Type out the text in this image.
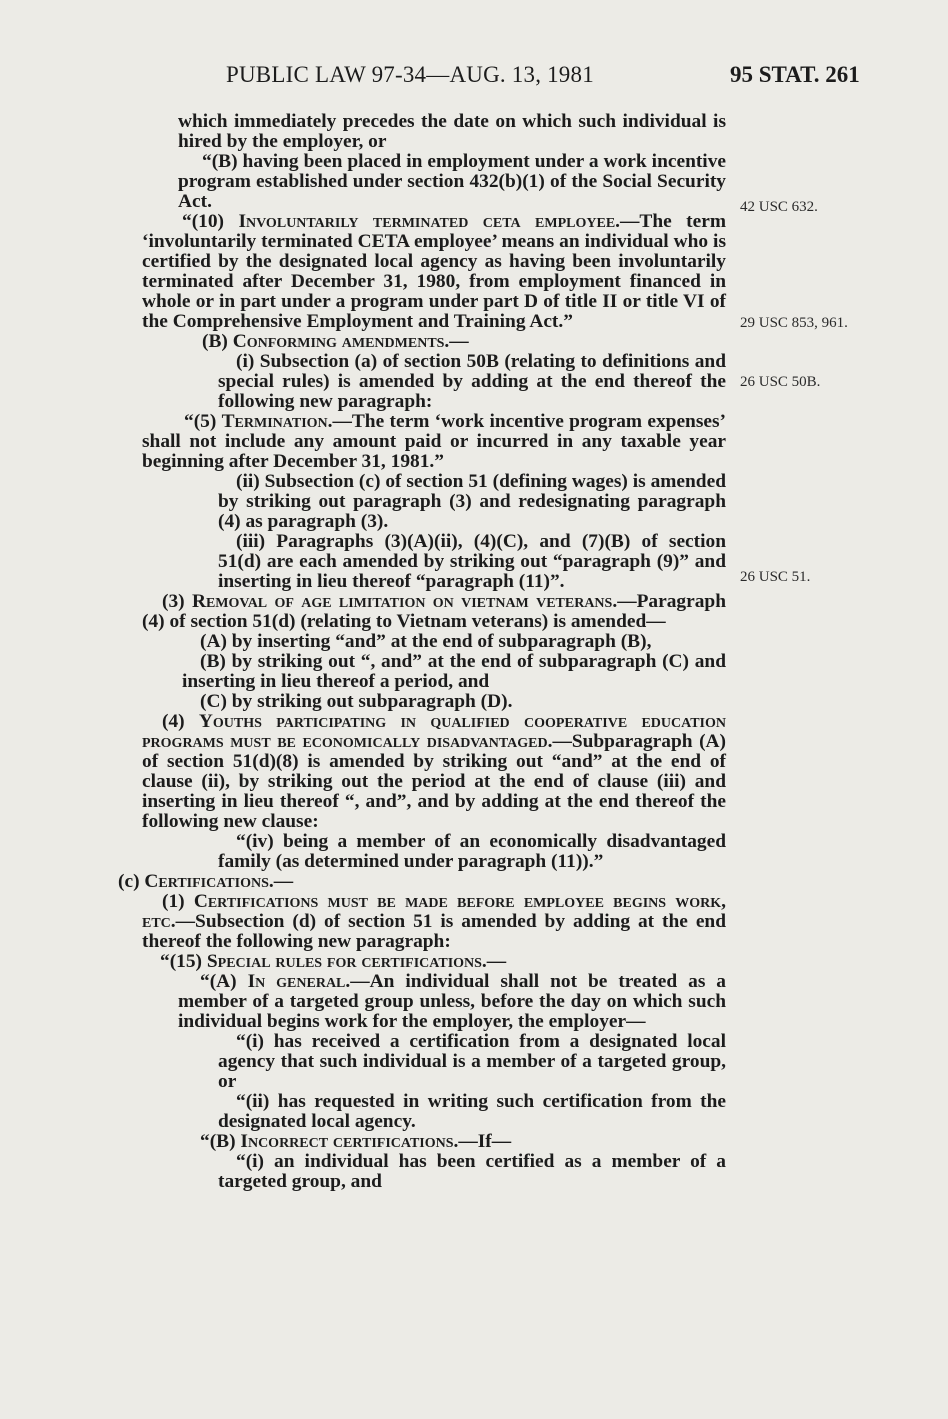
PUBLIC LAW 97-34—AUG. 13, 1981	95 STAT. 261
42 USC 632.
29 USC 853, 961.
26 USC 50B.
26 USC 51.

which immediately precedes the date on which such individual is hired by the employer, or

“(B) having been placed in employment under a work incentive program established under section 432(b)(1) of the Social Security Act.

“(10) Involuntarily terminated ceta employee.—The term ‘involuntarily terminated CETA employee’ means an individual who is certified by the designated local agency as having been involuntarily terminated after December 31, 1980, from employment financed in whole or in part under a program under part D of title II or title VI of the Comprehensive Employment and Training Act.”

(B) Conforming amendments.—

(i) Subsection (a) of section 50B (relating to definitions and special rules) is amended by adding at the end thereof the following new paragraph:

“(5) Termination.—The term ‘work incentive program expenses’ shall not include any amount paid or incurred in any taxable year beginning after December 31, 1981.”

(ii) Subsection (c) of section 51 (defining wages) is amended by striking out paragraph (3) and redesignating paragraph (4) as paragraph (3).

(iii) Paragraphs (3)(A)(ii), (4)(C), and (7)(B) of section 51(d) are each amended by striking out “paragraph (9)” and inserting in lieu thereof “paragraph (11)”.

(3) Removal of age limitation on vietnam veterans.—Paragraph (4) of section 51(d) (relating to Vietnam veterans) is amended—

(A) by inserting “and” at the end of subparagraph (B),

(B) by striking out “, and” at the end of subparagraph (C) and inserting in lieu thereof a period, and

(C) by striking out subparagraph (D).

(4) Youths participating in qualified cooperative education programs must be economically disadvantaged.—Subparagraph (A) of section 51(d)(8) is amended by striking out “and” at the end of clause (ii), by striking out the period at the end of clause (iii) and inserting in lieu thereof “, and”, and by adding at the end thereof the following new clause:

“(iv) being a member of an economically disadvantaged family (as determined under paragraph (11)).”

(c) Certifications.—

(1) Certifications must be made before employee begins work, etc.—Subsection (d) of section 51 is amended by adding at the end thereof the following new paragraph:

“(15) Special rules for certifications.—

“(A) In general.—An individual shall not be treated as a member of a targeted group unless, before the day on which such individual begins work for the employer, the employer—

“(i) has received a certification from a designated local agency that such individual is a member of a targeted group, or

“(ii) has requested in writing such certification from the designated local agency.

“(B) Incorrect certifications.—If—

“(i) an individual has been certified as a member of a targeted group, and
